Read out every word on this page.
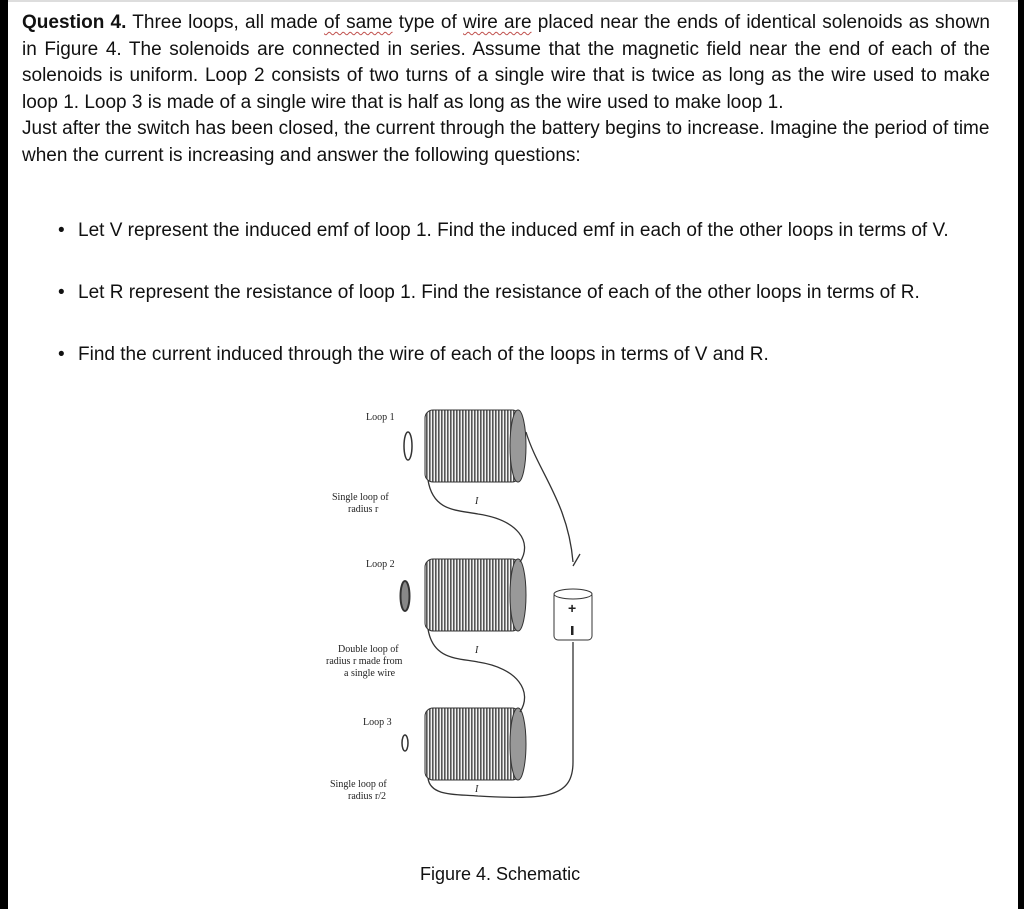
Question 4. Three loops, all made of same type of wire are placed near the ends of identical solenoids as shown in Figure 4. The solenoids are connected in series. Assume that the magnetic field near the end of each of the solenoids is uniform. Loop 2 consists of two turns of a single wire that is twice as long as the wire used to make loop 1. Loop 3 is made of a single wire that is half as long as the wire used to make loop 1.

Just after the switch has been closed, the current through the battery begins to increase. Imagine the period of time when the current is increasing and answer the following questions:

• Let V represent the induced emf of loop 1. Find the induced emf in each of the other loops in terms of V.
• Let R represent the resistance of loop 1. Find the resistance of each of the other loops in terms of R.
• Find the current induced through the wire of each of the loops in terms of V and R.
+
Loop 1
Single loop of
radius r
Loop 2
Double loop of
radius r made from
a single wire
Loop 3
Single loop of
radius r/2
I
I
I
Figure 4. Schematic
